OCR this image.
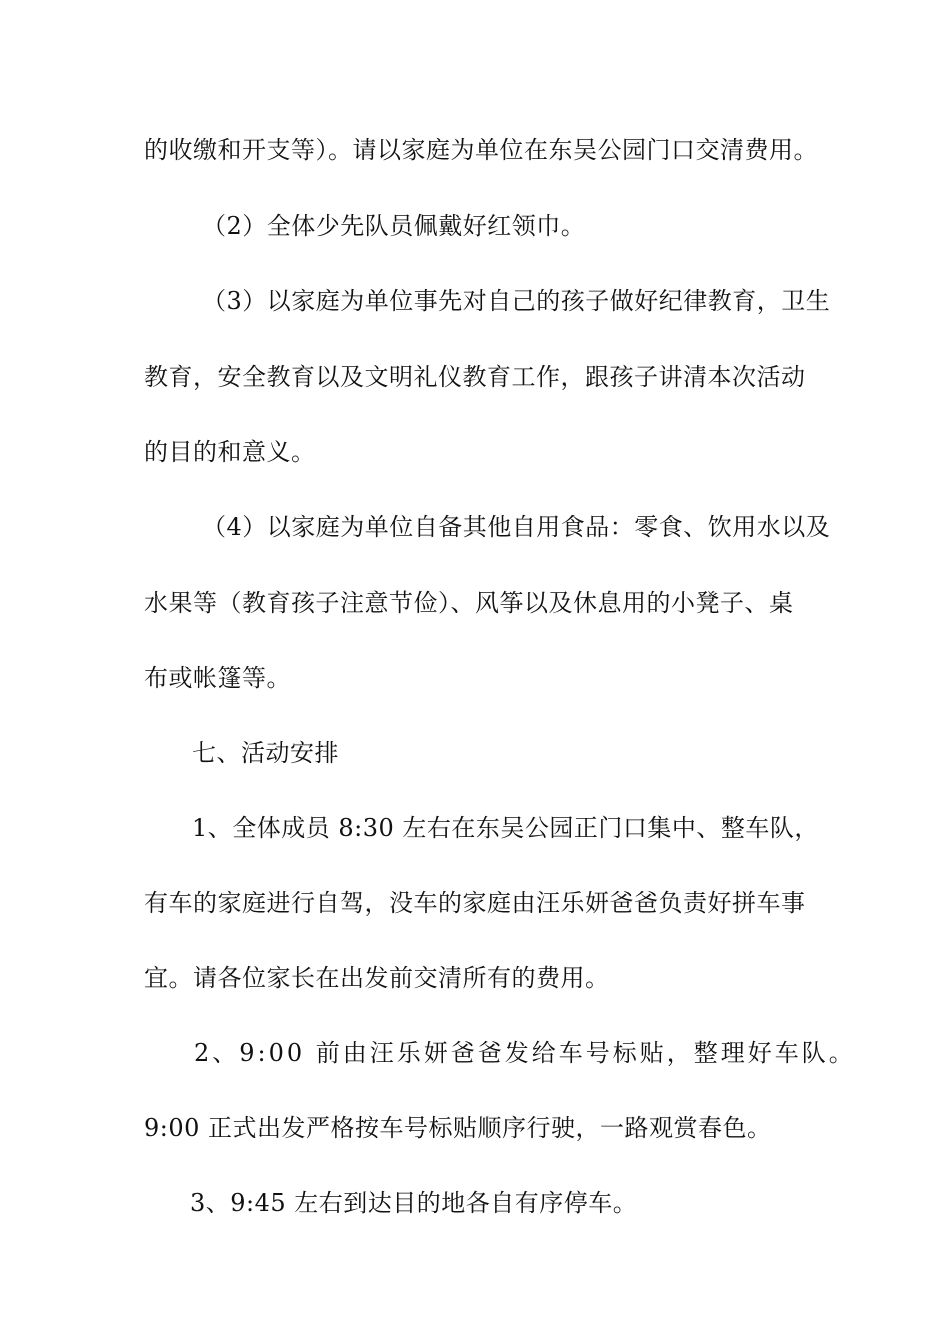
的收缴和开支等）。请以家庭为单位在东吴公园门口交清费用。
（2）全体少先队员佩戴好红领巾。
（3）以家庭为单位事先对自己的孩子做好纪律教育，卫生
教育，安全教育以及文明礼仪教育工作，跟孩子讲清本次活动
的目的和意义。
（4）以家庭为单位自备其他自用食品：零食、饮用水以及
水果等（教育孩子注意节俭）、风筝以及休息用的小凳子、桌
布或帐篷等。
七、活动安排
1、全体成员 8:30 左右在东吴公园正门口集中、整车队，
有车的家庭进行自驾，没车的家庭由汪乐妍爸爸负责好拼车事
宜。请各位家长在出发前交清所有的费用。
2、9:00 前由汪乐妍爸爸发给车号标贴，整理好车队。
9:00 正式出发严格按车号标贴顺序行驶，一路观赏春色。
3、9:45 左右到达目的地各自有序停车。
